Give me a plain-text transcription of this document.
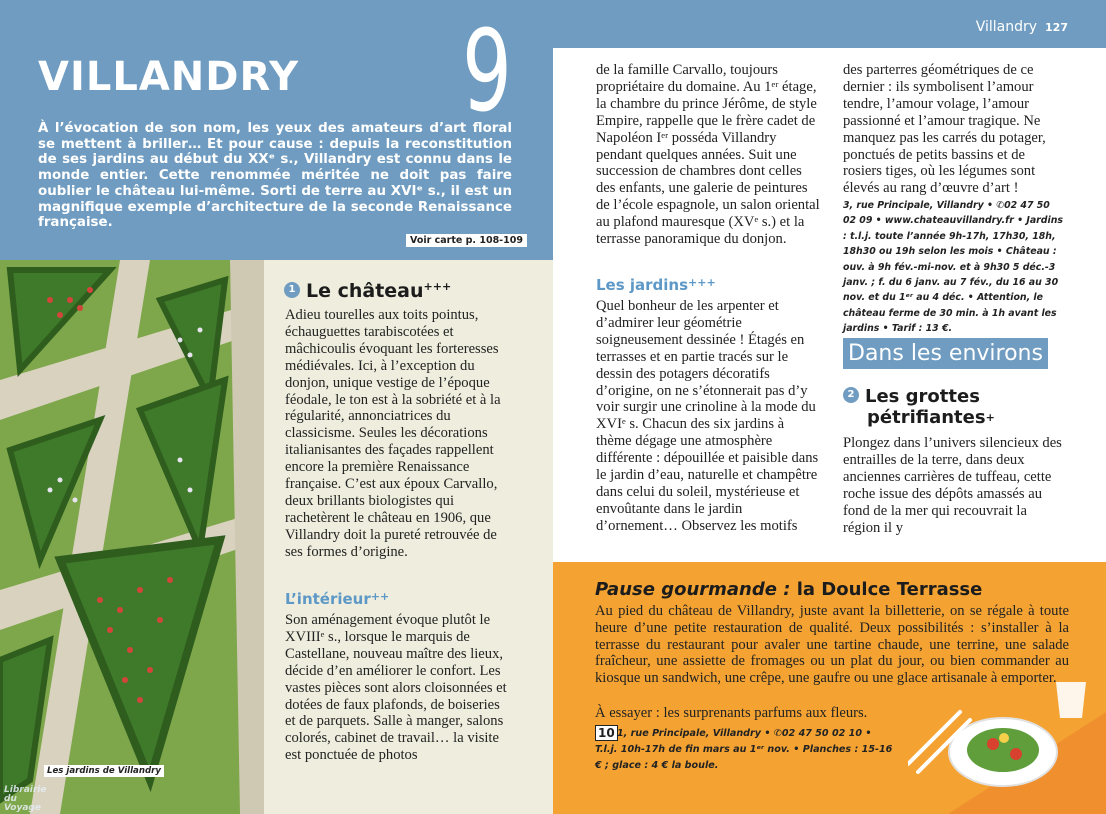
VILLANDRY 9
À l’évocation de son nom, les yeux des amateurs d’art floral se mettent à briller… Et pour cause : depuis la reconstitution de ses jardins au début du XXᵉ s., Villandry est connu dans le monde entier. Cette renommée méritée ne doit pas faire oublier le château lui-même. Sorti de terre au XVIᵉ s., il est un magnifique exemple d’architecture de la seconde Renaissance française.
Voir carte p. 108-109
Les jardins de Villandry
Librairie du Voyage
1 Le château+++
Adieu tourelles aux toits pointus, échauguettes tarabiscotées et mâchicoulis évoquant les forteresses médiévales. Ici, à l’exception du donjon, unique vestige de l’époque féodale, le ton est à la sobriété et à la régularité, annonciatrices du classicisme. Seules les décorations italianisantes des façades rappellent encore la première Renaissance française. C’est aux époux Carvallo, deux brillants biologistes qui rachetèrent le château en 1906, que Villandry doit la pureté retrouvée de ses formes d’origine.
L’intérieur++
Son aménagement évoque plutôt le XVIIIᵉ s., lorsque le marquis de Castellane, nouveau maître des lieux, décide d’en améliorer le confort. Les vastes pièces sont alors cloisonnées et dotées de faux plafonds, de boiseries et de parquets. Salle à manger, salons colorés, cabinet de travail… la visite est ponctuée de photos
Villandry 127
de la famille Carvallo, toujours propriétaire du domaine. Au 1ᵉʳ étage, la chambre du prince Jérôme, de style Empire, rappelle que le frère cadet de Napoléon Iᵉʳ posséda Villandry pendant quelques années. Suit une succession de chambres dont celles des enfants, une galerie de peintures de l’école espagnole, un salon oriental au plafond mauresque (XVᵉ s.) et la terrasse panoramique du donjon.
Les jardins+++
Quel bonheur de les arpenter et d’admirer leur géométrie soigneusement dessinée ! Étagés en terrasses et en partie tracés sur le dessin des potagers décoratifs d’origine, on ne s’étonnerait pas d’y voir surgir une crinoline à la mode du XVIᵉ s. Chacun des six jardins à thème dégage une atmosphère différente : dépouillée et paisible dans le jardin d’eau, naturelle et champêtre dans celui du soleil, mystérieuse et envoûtante dans le jardin d’ornement… Observez les motifs
des parterres géométriques de ce dernier : ils symbolisent l’amour tendre, l’amour volage, l’amour passionné et l’amour tragique. Ne manquez pas les carrés du potager, ponctués de petits bassins et de rosiers tiges, où les légumes sont élevés au rang d’œuvre d’art !
3, rue Principale, Villandry • ✆02 47 50 02 09 • www.chateauvillandry.fr • Jardins : t.l.j. toute l’année 9h-17h, 17h30, 18h, 18h30 ou 19h selon les mois • Château : ouv. à 9h fév.-mi-nov. et à 9h30 5 déc.-3 janv. ; f. du 6 janv. au 7 fév., du 16 au 30 nov. et du 1ᵉʳ au 4 déc. • Attention, le château ferme de 30 min. à 1h avant les jardins • Tarif : 13 €.
Dans les environs
2 Les grottes
pétrifiantes+
Plongez dans l’univers silencieux des entrailles de la terre, dans deux anciennes carrières de tuffeau, cette roche issue des dépôts amassés au fond de la mer qui recouvrait la région il y
Pause gourmande : la Doulce Terrasse
Au pied du château de Villandry, juste avant la billetterie, on se régale à toute heure d’une petite restauration de qualité. Deux possibilités : s’installer à la terrasse du restaurant pour avaler une tartine chaude, une terrine, une salade fraîcheur, une assiette de fromages ou un plat du jour, ou bien commander au kiosque un sandwich, une crêpe, une gaufre ou une glace artisanale à emporter.
À essayer : les surprenants parfums aux fleurs.
10 1, rue Principale, Villandry • ✆02 47 50 02 10 • T.l.j. 10h-17h de fin mars au 1ᵉʳ nov. • Planches : 15-16 € ; glace : 4 € la boule.
